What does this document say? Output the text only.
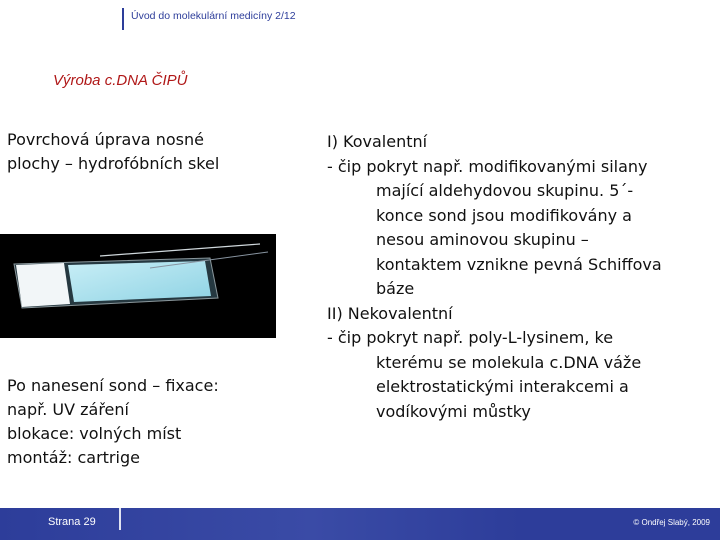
Úvod do molekulární medicíny 2/12
Výroba c.DNA ČIPŮ
Povrchová úprava nosné
plochy – hydrofóbních skel
Po nanesení sond – fixace:
např. UV záření
blokace: volných míst
montáž: cartrige
I) Kovalentní
- čip pokryt např. modifikovanými silany
mající aldehydovou skupinu. 5´-
konce sond jsou modifikovány a
nesou aminovou skupinu –
kontaktem vznikne pevná Schiffova
báze
II) Nekovalentní
- čip pokryt např. poly-L-lysinem, ke
kterému se molekula c.DNA váže
elektrostatickými interakcemi a
vodíkovými můstky
Strana 29	© Ondřej Slabý, 2009
